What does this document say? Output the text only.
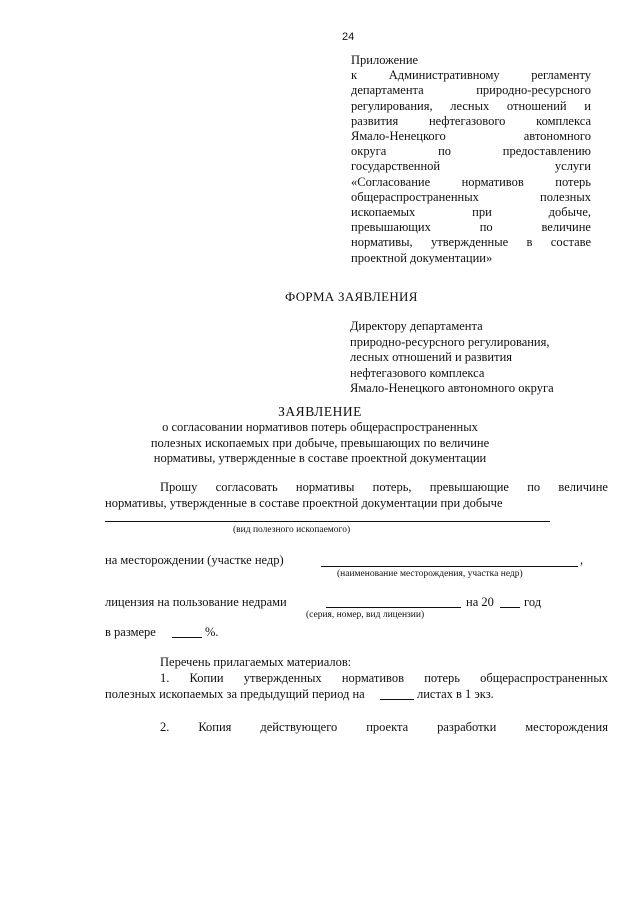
24
Приложение
к	Административному	регламенту
департамента	природно-ресурсного
регулирования, лесных отношений и
развития нефтегазового комплекса
Ямало-Ненецкого	автономного
округа	по	предоставлению
государственной	услуги
«Согласование	нормативов	потерь
общераспространенных	полезных
ископаемых	при	добыче,
превышающих	по	величине
нормативы, утвержденные в составе
проектной документации»
ФОРМА ЗАЯВЛЕНИЯ
Директору департамента
природно-ресурсного регулирования,
лесных отношений и развития
нефтегазового комплекса
Ямало-Ненецкого автономного округа
ЗАЯВЛЕНИЕ
о согласовании нормативов потерь общераспространенных
полезных ископаемых при добыче, превышающих по величине
нормативы, утвержденные в составе проектной документации
Прошу согласовать нормативы потерь, превышающие по величине
нормативы, утвержденные в составе проектной документации при добыче
(вид полезного ископаемого)
на месторождении (участке недр)	,
(наименование месторождения, участка недр)
лицензия на пользование недрами	на 20 год
(серия, номер, вид лицензии)
в размере	%.
Перечень прилагаемых материалов:
1. Копии утвержденных нормативов потерь общераспространенных
полезных ископаемых за предыдущий период на	листах в 1 экз.
2. Копия действующего проекта разработки месторождения
